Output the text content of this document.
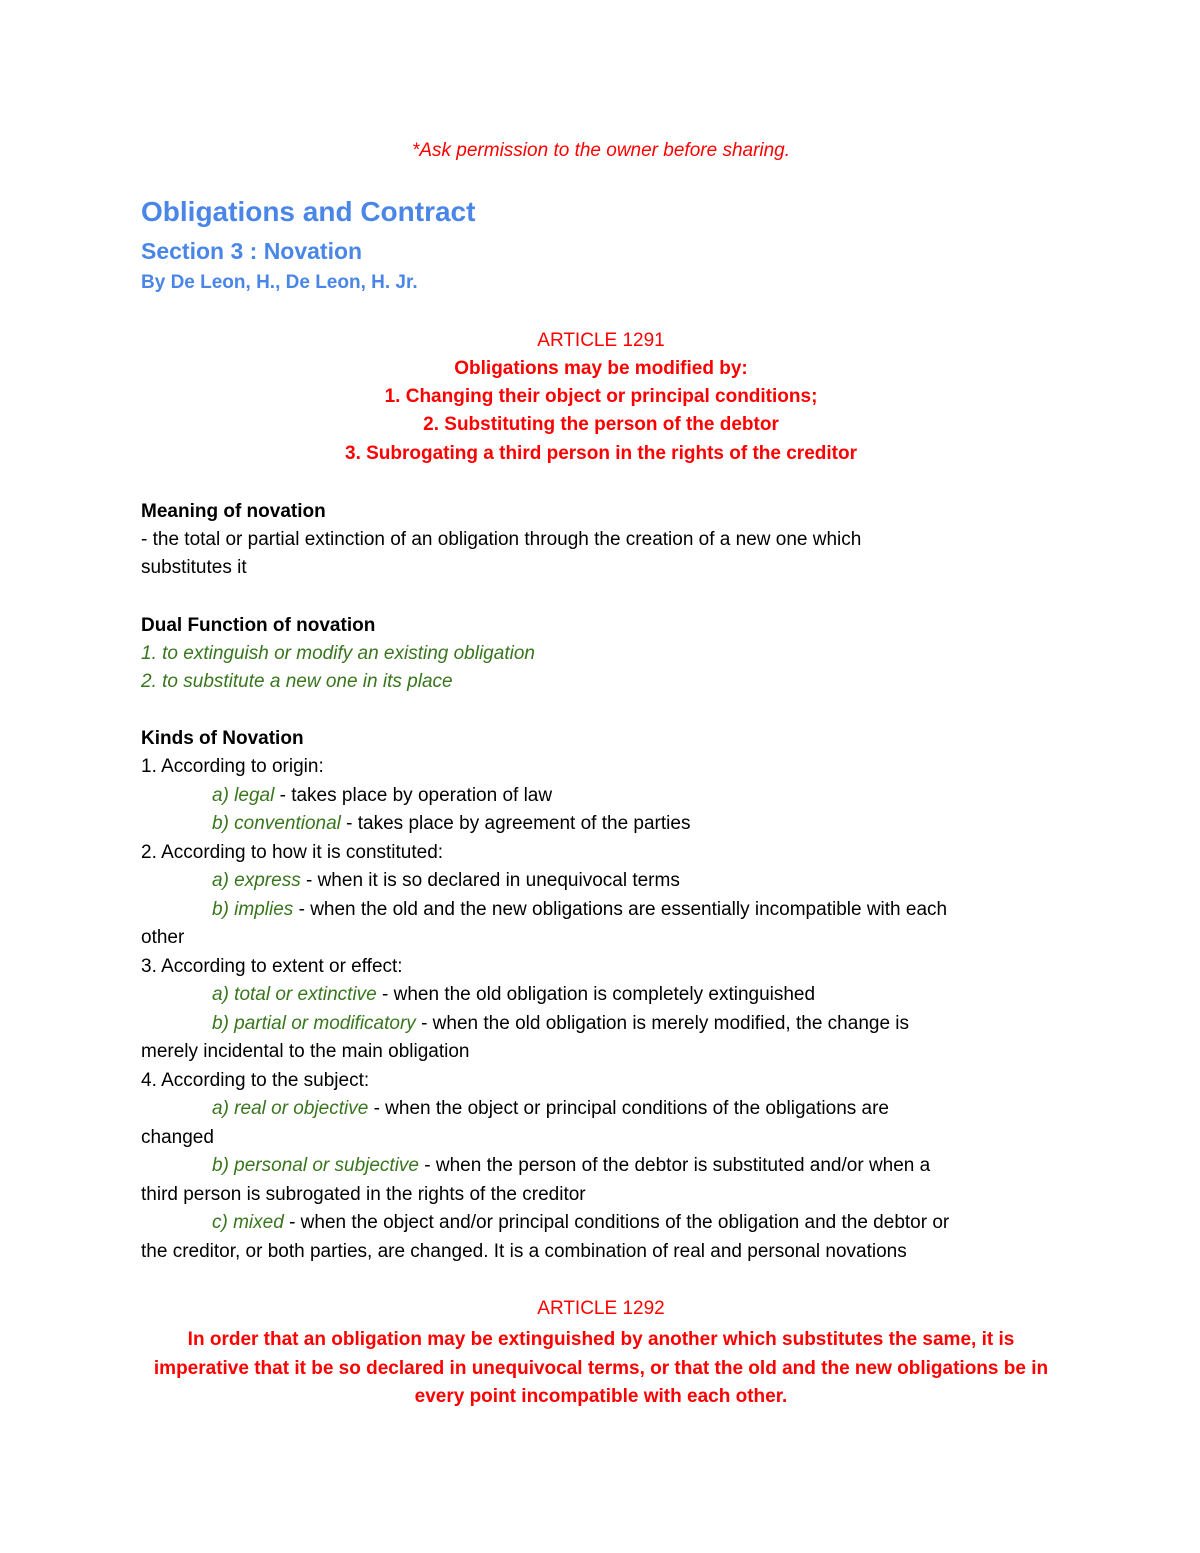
*Ask permission to the owner before sharing.
Obligations and Contract
Section 3 : Novation
By De Leon, H., De Leon, H. Jr.
ARTICLE 1291
Obligations may be modified by:
1. Changing their object or principal conditions;
2. Substituting the person of the debtor
3. Subrogating a third person in the rights of the creditor
Meaning of novation
- the total or partial extinction of an obligation through the creation of a new one which
substitutes it
Dual Function of novation
1. to extinguish or modify an existing obligation
2. to substitute a new one in its place
Kinds of Novation
1. According to origin:
a) legal - takes place by operation of law
b) conventional - takes place by agreement of the parties
2. According to how it is constituted:
a) express - when it is so declared in unequivocal terms
b) implies - when the old and the new obligations are essentially incompatible with each
other
3. According to extent or effect:
a) total or extinctive - when the old obligation is completely extinguished
b) partial or modificatory - when the old obligation is merely modified, the change is
merely incidental to the main obligation
4. According to the subject:
a) real or objective - when the object or principal conditions of the obligations are
changed
b) personal or subjective - when the person of the debtor is substituted and/or when a
third person is subrogated in the rights of the creditor
c) mixed - when the object and/or principal conditions of the obligation and the debtor or
the creditor, or both parties, are changed. It is a combination of real and personal novations
ARTICLE 1292
In order that an obligation may be extinguished by another which substitutes the same, it is imperative that it be so declared in unequivocal terms, or that the old and the new obligations be in every point incompatible with each other.
